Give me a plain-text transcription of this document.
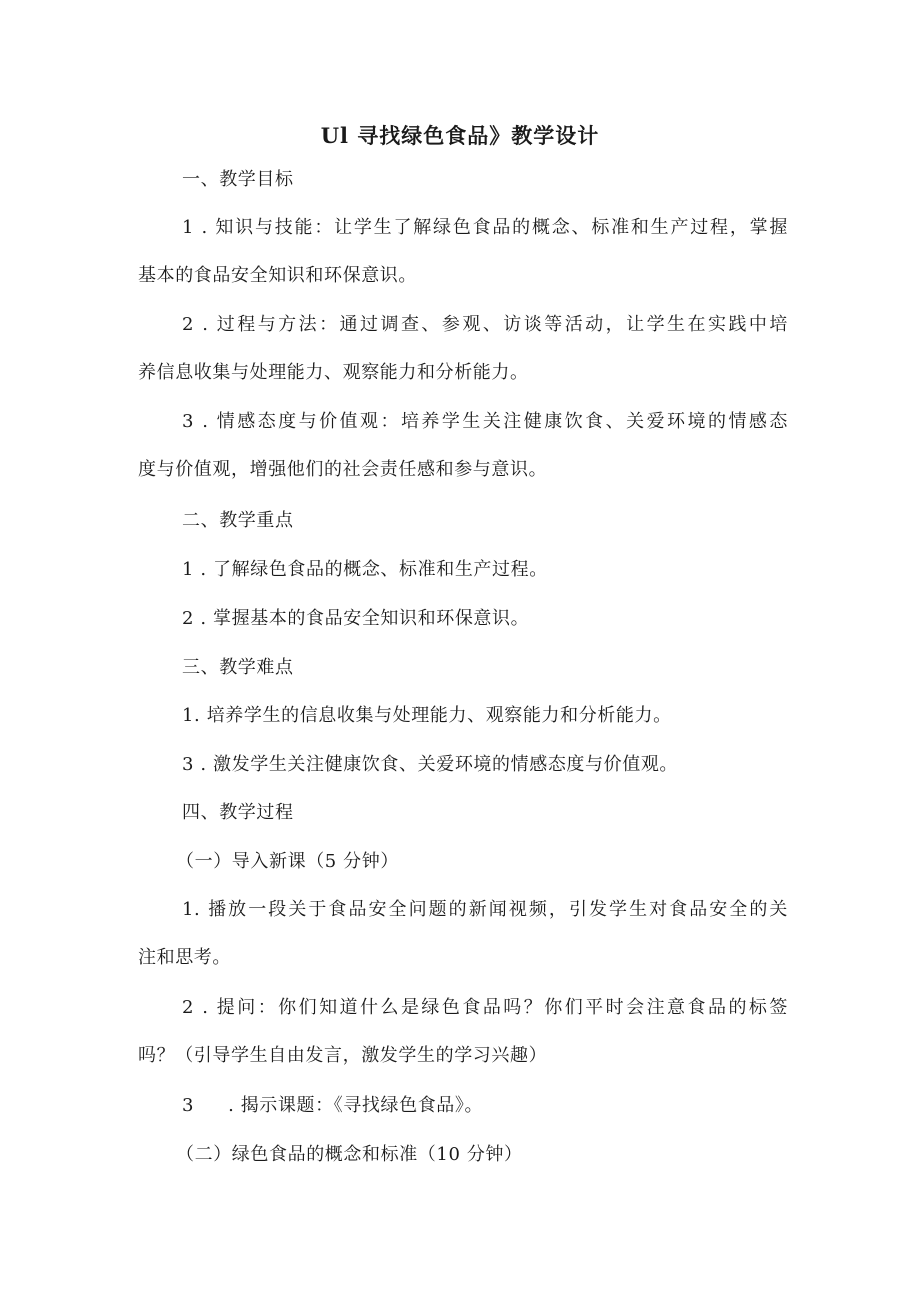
Ul 寻找绿色食品》教学设计
一、教学目标
1 . 知识与技能：让学生了解绿色食品的概念、标准和生产过程，掌握
基本的食品安全知识和环保意识。
2 . 过程与方法：通过调查、参观、访谈等活动，让学生在实践中培
养信息收集与处理能力、观察能力和分析能力。
3 . 情感态度与价值观：培养学生关注健康饮食、关爱环境的情感态
度与价值观，增强他们的社会责任感和参与意识。
二、教学重点
1 . 了解绿色食品的概念、标准和生产过程。
2 . 掌握基本的食品安全知识和环保意识。
三、教学难点
1. 培养学生的信息收集与处理能力、观察能力和分析能力。
3 . 激发学生关注健康饮食、关爱环境的情感态度与价值观。
四、教学过程
（一）导入新课（5 分钟）
1. 播放一段关于食品安全问题的新闻视频，引发学生对食品安全的关
注和思考。
2 . 提问：你们知道什么是绿色食品吗？你们平时会注意食品的标签
吗？（引导学生自由发言，激发学生的学习兴趣）
3 . 揭示课题：《寻找绿色食品》。
（二）绿色食品的概念和标准（10 分钟）
